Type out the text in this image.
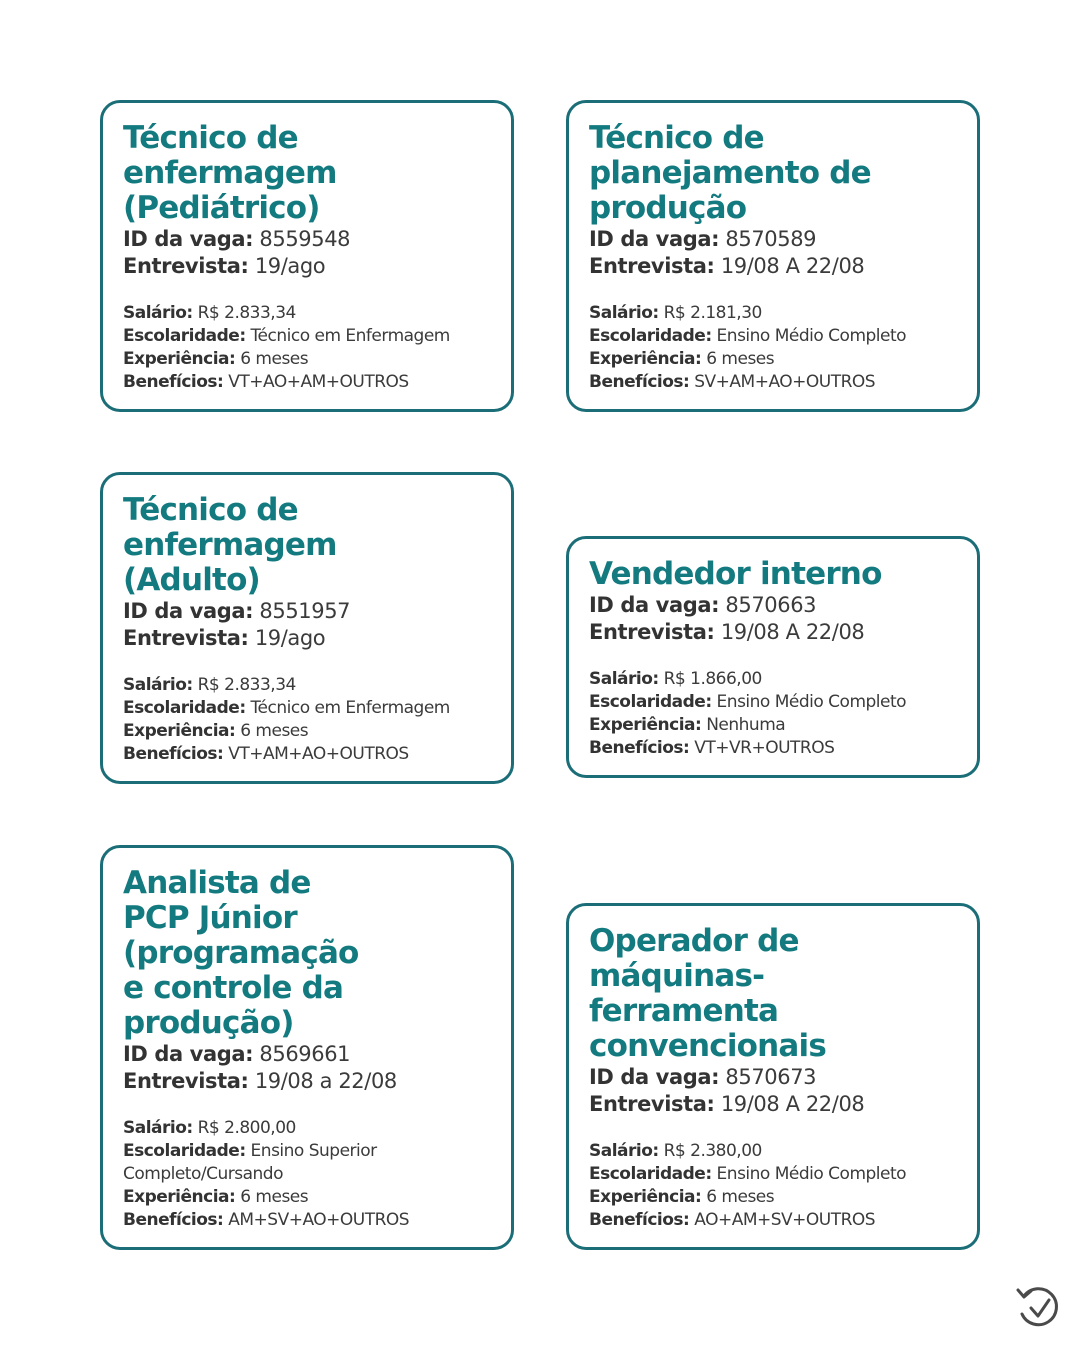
Técnico de
enfermagem
(Pediátrico)
ID da vaga: 8559548
Entrevista: 19/ago
Salário: R$ 2.833,34
Escolaridade: Técnico em Enfermagem
Experiência: 6 meses
Benefícios: VT+AO+AM+OUTROS
Técnico de
planejamento de
produção
ID da vaga: 8570589
Entrevista: 19/08 A 22/08
Salário: R$ 2.181,30
Escolaridade: Ensino Médio Completo
Experiência: 6 meses
Benefícios: SV+AM+AO+OUTROS
Técnico de
enfermagem
(Adulto)
ID da vaga: 8551957
Entrevista: 19/ago
Salário: R$ 2.833,34
Escolaridade: Técnico em Enfermagem
Experiência: 6 meses
Benefícios: VT+AM+AO+OUTROS
Vendedor interno
ID da vaga: 8570663
Entrevista: 19/08 A 22/08
Salário: R$ 1.866,00
Escolaridade: Ensino Médio Completo
Experiência: Nenhuma
Benefícios: VT+VR+OUTROS
Analista de
PCP Júnior
(programação
e controle da
produção)
ID da vaga: 8569661
Entrevista: 19/08 a 22/08
Salário: R$ 2.800,00
Escolaridade: Ensino Superior Completo/Cursando
Experiência: 6 meses
Benefícios: AM+SV+AO+OUTROS
Operador de
máquinas-
ferramenta
convencionais
ID da vaga: 8570673
Entrevista: 19/08 A 22/08
Salário: R$ 2.380,00
Escolaridade: Ensino Médio Completo
Experiência: 6 meses
Benefícios: AO+AM+SV+OUTROS
